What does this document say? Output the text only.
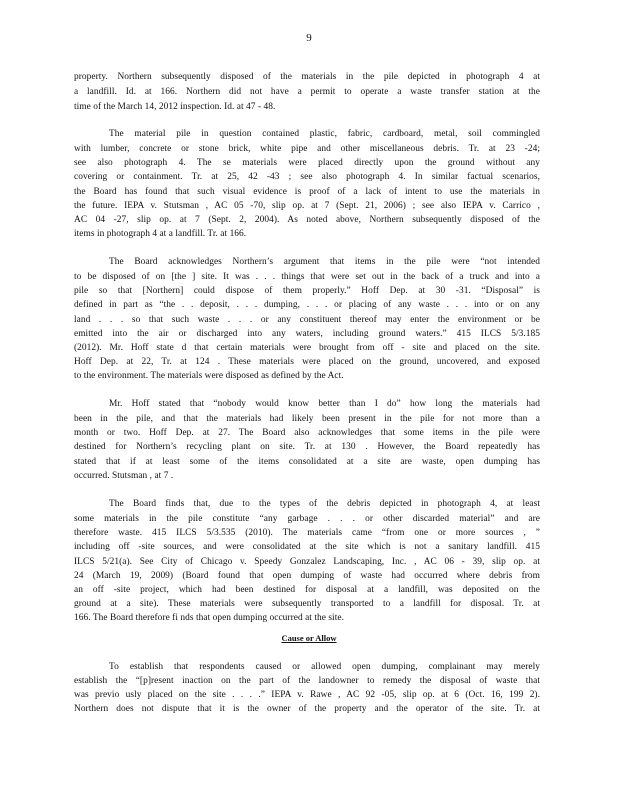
9
property. Northern subsequently disposed of the materials in the pile depicted in photograph 4 at
a landfill. Id. at 166. Northern did not have a permit to operate a waste transfer station at the
time of the March 14, 2012 inspection. Id. at 47 - 48.
The material pile in question contained plastic, fabric, cardboard, metal, soil commingled
with lumber, concrete or stone brick, white pipe and other miscellaneous debris. Tr. at 23 -24;
see also photograph 4. The se materials were placed directly upon the ground without any
covering or containment. Tr. at 25, 42 -43 ; see also photograph 4. In similar factual scenarios,
the Board has found that such visual evidence is proof of a lack of intent to use the materials in
the future. IEPA v. Stutsman , AC 05 -70, slip op. at 7 (Sept. 21, 2006) ; see also IEPA v. Carrico ,
AC 04 -27, slip op. at 7 (Sept. 2, 2004). As noted above, Northern subsequently disposed of the
items in photograph 4 at a landfill. Tr. at 166.
The Board acknowledges Northern’s argument that items in the pile were “not intended
to be disposed of on [the ] site. It was . . . things that were set out in the back of a truck and into a
pile so that [Northern] could dispose of them properly.” Hoff Dep. at 30 -31. “Disposal” is
defined in part as “the . . deposit, . . . dumping, . . . or placing of any waste . . . into or on any
land . . . so that such waste . . . or any constituent thereof may enter the environment or be
emitted into the air or discharged into any waters, including ground waters.” 415 ILCS 5/3.185
(2012). Mr. Hoff state d that certain materials were brought from off - site and placed on the site.
Hoff Dep. at 22, Tr. at 124 . These materials were placed on the ground, uncovered, and exposed
to the environment. The materials were disposed as defined by the Act.
Mr. Hoff stated that “nobody would know better than I do” how long the materials had
been in the pile, and that the materials had likely been present in the pile for not more than a
month or two. Hoff Dep. at 27. The Board also acknowledges that some items in the pile were
destined for Northern’s recycling plant on site. Tr. at 130 . However, the Board repeatedly has
stated that if at least some of the items consolidated at a site are waste, open dumping has
occurred. Stutsman , at 7 .
The Board finds that, due to the types of the debris depicted in photograph 4, at least
some materials in the pile constitute “any garbage . . . or other discarded material” and are
therefore waste. 415 ILCS 5/3.535 (2010). The materials came “from one or more sources , ”
including off -site sources, and were consolidated at the site which is not a sanitary landfill. 415
ILCS 5/21(a). See City of Chicago v. Speedy Gonzalez Landscaping, Inc. , AC 06 - 39, slip op. at
24 (March 19, 2009) (Board found that open dumping of waste had occurred where debris from
an off -site project, which had been destined for disposal at a landfill, was deposited on the
ground at a site). These materials were subsequently transported to a landfill for disposal. Tr. at
166. The Board therefore fi nds that open dumping occurred at the site.
Cause or Allow
To establish that respondents caused or allowed open dumping, complainant may merely
establish the “[p]resent inaction on the part of the landowner to remedy the disposal of waste that
was previo usly placed on the site . . . .” IEPA v. Rawe , AC 92 -05, slip op. at 6 (Oct. 16, 199 2).
Northern does not dispute that it is the owner of the property and the operator of the site. Tr. at
